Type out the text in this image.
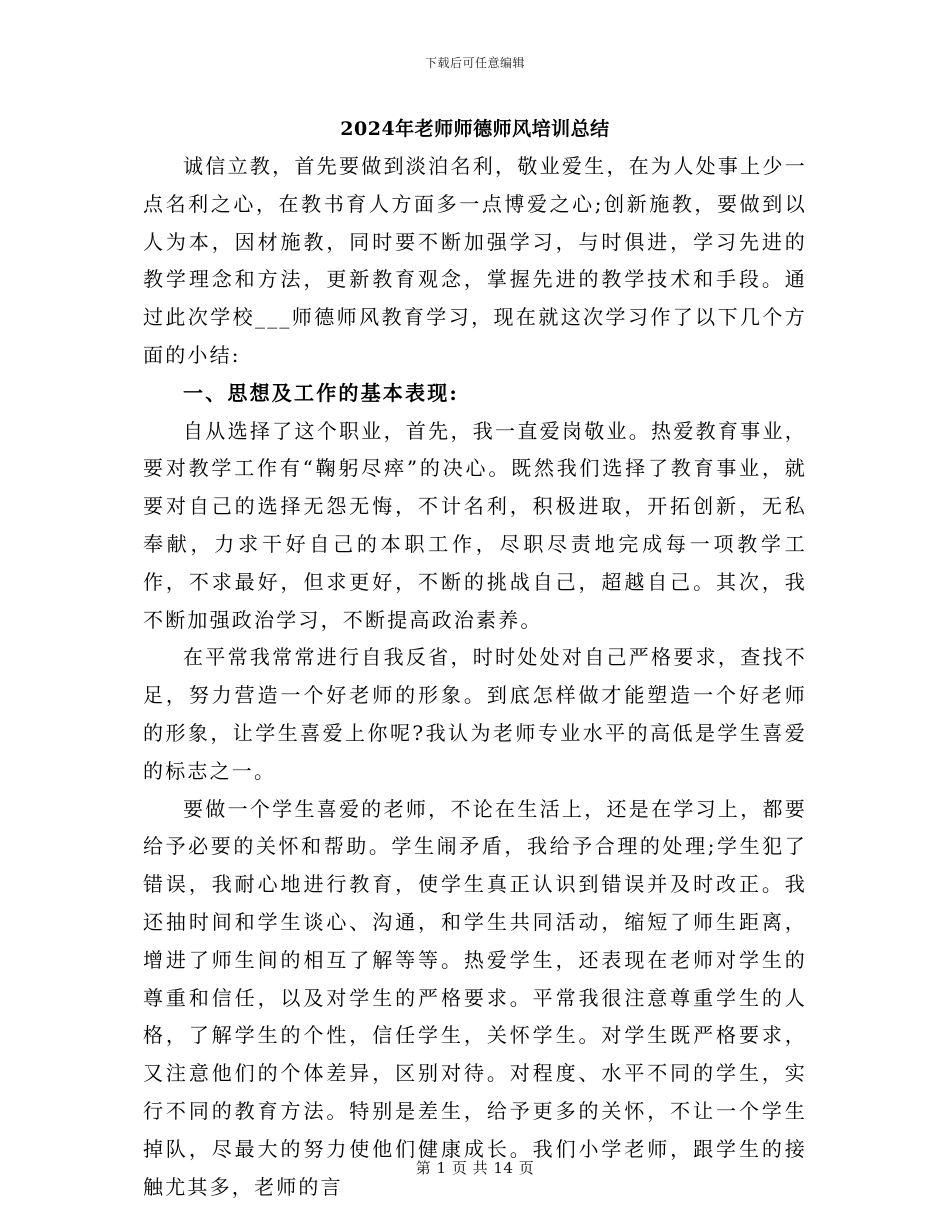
下载后可任意编辑
2024年老师师德师风培训总结

诚信立教，首先要做到淡泊名利，敬业爱生，在为人处事上少一点名利之心，在教书育人方面多一点博爱之心;创新施教，要做到以人为本，因材施教，同时要不断加强学习，与时俱进，学习先进的教学理念和方法，更新教育观念，掌握先进的教学技术和手段。通过此次学校___师德师风教育学习，现在就这次学习作了以下几个方面的小结:

一、思想及工作的基本表现:

自从选择了这个职业，首先，我一直爱岗敬业。热爱教育事业，要对教学工作有“鞠躬尽瘁”的决心。既然我们选择了教育事业，就要对自己的选择无怨无悔，不计名利，积极进取，开拓创新，无私奉献，力求干好自己的本职工作，尽职尽责地完成每一项教学工作，不求最好，但求更好，不断的挑战自己，超越自己。其次，我不断加强政治学习，不断提高政治素养。

在平常我常常进行自我反省，时时处处对自己严格要求，查找不足，努力营造一个好老师的形象。到底怎样做才能塑造一个好老师的形象，让学生喜爱上你呢?我认为老师专业水平的高低是学生喜爱的标志之一。

要做一个学生喜爱的老师，不论在生活上，还是在学习上，都要给予必要的关怀和帮助。学生闹矛盾，我给予合理的处理;学生犯了错误，我耐心地进行教育，使学生真正认识到错误并及时改正。我还抽时间和学生谈心、沟通，和学生共同活动，缩短了师生距离，增进了师生间的相互了解等等。热爱学生，还表现在老师对学生的尊重和信任，以及对学生的严格要求。平常我很注意尊重学生的人格，了解学生的个性，信任学生，关怀学生。对学生既严格要求，又注意他们的个体差异，区别对待。对程度、水平不同的学生，实行不同的教育方法。特别是差生，给予更多的关怀，不让一个学生掉队，尽最大的努力使他们健康成长。我们小学老师，跟学生的接触尤其多，老师的言

第 1 页 共 14 页
